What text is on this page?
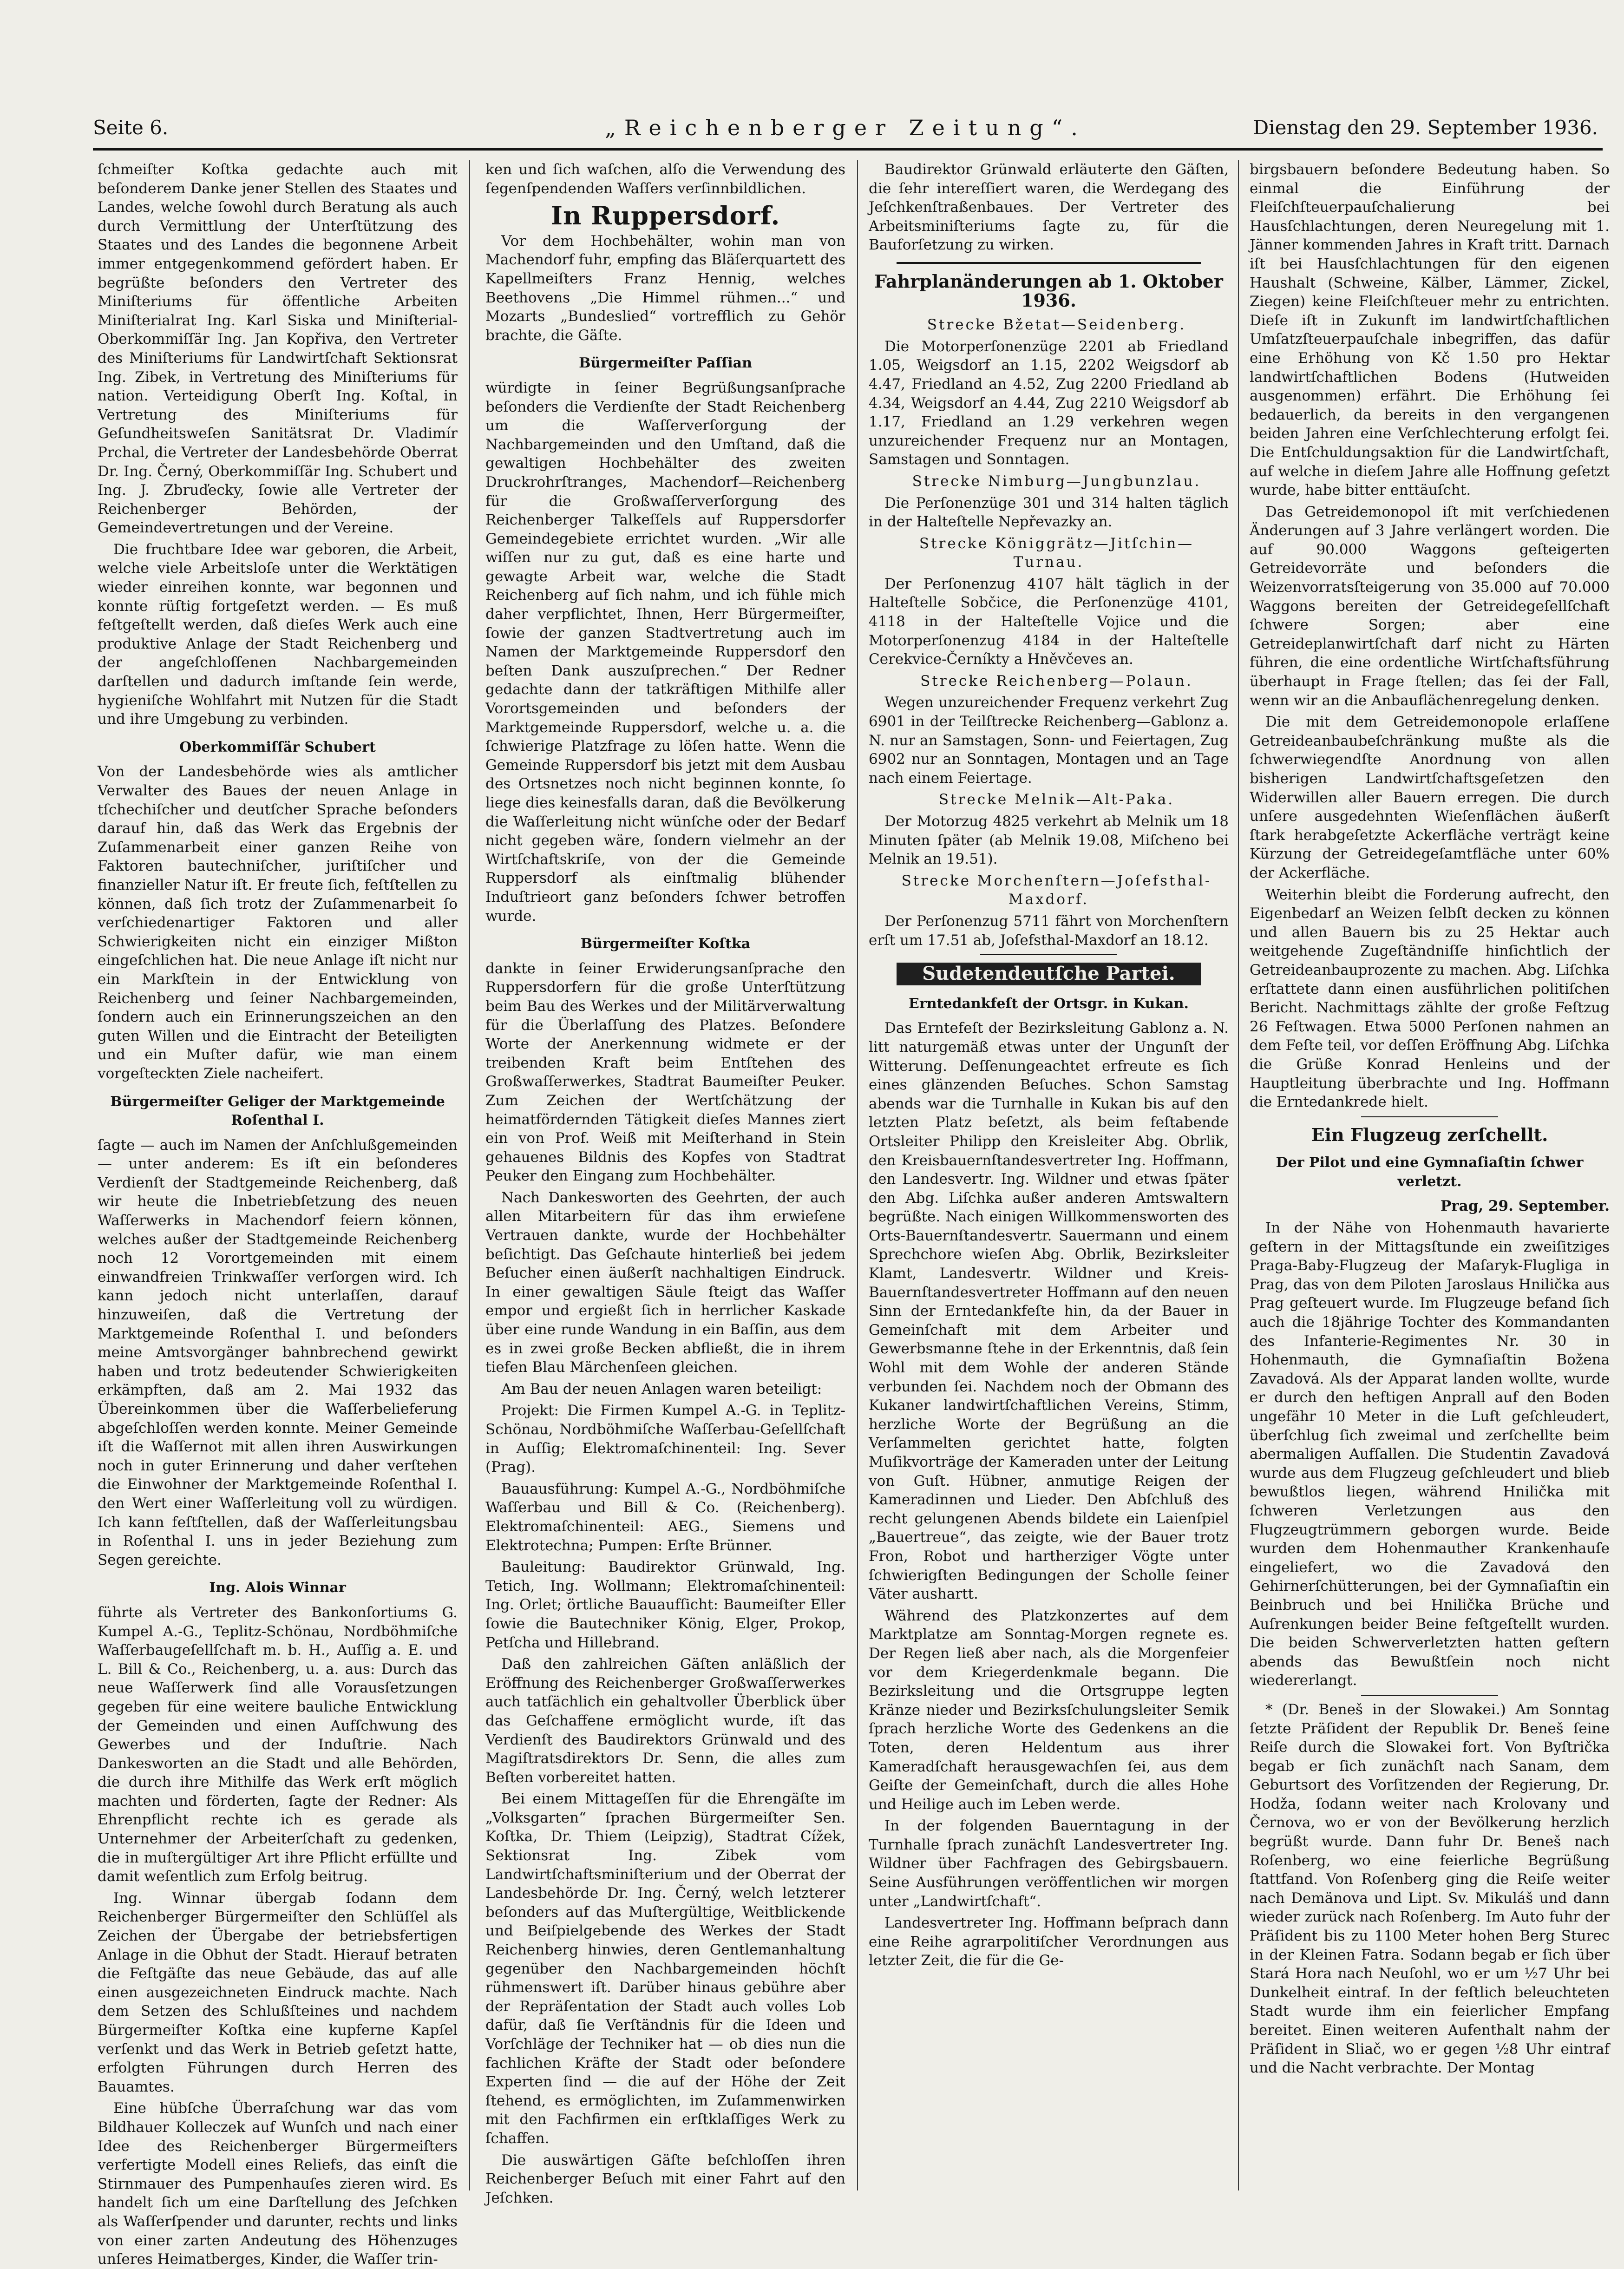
Seite 6.	„Reichenberger Zeitung“.	Dienstag den 29. September 1936.

ſchmeiſter Koſtka gedachte auch mit beſonderem Danke jener Stellen des Staates und Landes, welche ſowohl durch Beratung als auch durch Vermittlung der Unterſtützung des Staates und des Landes die begonnene Arbeit immer entgegenkommend gefördert haben. Er begrüßte beſonders den Vertreter des Miniſteriums für öffentliche Arbeiten Miniſterialrat Ing. Karl Siska und Miniſterial-Oberkommiſſär Ing. Jan Kopřiva, den Vertreter des Miniſteriums für Landwirtſchaft Sektionsrat Ing. Zibek, in Vertretung des Miniſteriums für nation. Verteidigung Oberſt Ing. Koſtal, in Vertretung des Miniſteriums für Geſundheitsweſen Sanitätsrat Dr. Vladimír Prchal, die Vertreter der Landesbehörde Oberrat Dr. Ing. Černý, Oberkommiſſär Ing. Schubert und Ing. J. Zbruďecky, ſowie alle Vertreter der Reichenberger Behörden, der Gemeindevertretungen und der Vereine.

Die fruchtbare Idee war geboren, die Arbeit, welche viele Arbeitsloſe unter die Werktätigen wieder einreihen konnte, war begonnen und konnte rüſtig fortgeſetzt werden. — Es muß feſtgeſtellt werden, daß dieſes Werk auch eine produktive Anlage der Stadt Reichenberg und der angeſchloſſenen Nachbargemeinden darſtellen und dadurch imſtande ſein werde, hygieniſche Wohlfahrt mit Nutzen für die Stadt und ihre Umgebung zu verbinden.

Oberkommiſſär Schubert

Von der Landesbehörde wies als amtlicher Verwalter des Baues der neuen Anlage in tſchechiſcher und deutſcher Sprache beſonders darauf hin, daß das Werk das Ergebnis der Zuſammenarbeit einer ganzen Reihe von Faktoren bautechniſcher, juriſtiſcher und finanzieller Natur iſt. Er freute ſich, feſtſtellen zu können, daß ſich trotz der Zuſammenarbeit ſo verſchiedenartiger Faktoren und aller Schwierigkeiten nicht ein einziger Mißton eingeſchlichen hat. Die neue Anlage iſt nicht nur ein Markſtein in der Entwicklung von Reichenberg und ſeiner Nachbargemeinden, ſondern auch ein Erinnerungszeichen an den guten Willen und die Eintracht der Beteiligten und ein Muſter dafür, wie man einem vorgeſteckten Ziele nacheifert.

Bürgermeiſter Geliger der Marktgemeinde Roſenthal I.

ſagte — auch im Namen der Anſchlußgemeinden — unter anderem: Es iſt ein beſonderes Verdienſt der Stadtgemeinde Reichenberg, daß wir heute die Inbetriebſetzung des neuen Waſſerwerks in Machendorf feiern können, welches außer der Stadtgemeinde Reichenberg noch 12 Vorortgemeinden mit einem einwandfreien Trinkwaſſer verſorgen wird. Ich kann jedoch nicht unterlaſſen, darauf hinzuweiſen, daß die Vertretung der Marktgemeinde Roſenthal I. und beſonders meine Amtsvorgänger bahnbrechend gewirkt haben und trotz bedeutender Schwierigkeiten erkämpften, daß am 2. Mai 1932 das Übereinkommen über die Waſſerbelieferung abgeſchloſſen werden konnte. Meiner Gemeinde iſt die Waſſernot mit allen ihren Auswirkungen noch in guter Erinnerung und daher verſtehen die Einwohner der Marktgemeinde Roſenthal I. den Wert einer Waſſerleitung voll zu würdigen. Ich kann feſtſtellen, daß der Waſſerleitungsbau in Roſenthal I. uns in jeder Beziehung zum Segen gereichte.

Ing. Alois Winnar

führte als Vertreter des Bankonſortiums G. Kumpel A.-G., Teplitz-Schönau, Nordböhmiſche Waſſerbaugeſellſchaft m. b. H., Auſſig a. E. und L. Bill & Co., Reichenberg, u. a. aus: Durch das neue Waſſerwerk ſind alle Vorausſetzungen gegeben für eine weitere bauliche Entwicklung der Gemeinden und einen Aufſchwung des Gewerbes und der Induſtrie. Nach Dankesworten an die Stadt und alle Behörden, die durch ihre Mithilfe das Werk erſt möglich machten und förderten, ſagte der Redner: Als Ehrenpflicht rechte ich es gerade als Unternehmer der Arbeiterſchaft zu gedenken, die in muſtergültiger Art ihre Pflicht erfüllte und damit weſentlich zum Erfolg beitrug.

Ing. Winnar übergab ſodann dem Reichenberger Bürgermeiſter den Schlüſſel als Zeichen der Übergabe der betriebsfertigen Anlage in die Obhut der Stadt. Hierauf betraten die Feſtgäſte das neue Gebäude, das auf alle einen ausgezeichneten Eindruck machte. Nach dem Setzen des Schlußſteines und nachdem Bürgermeiſter Koſtka eine kupferne Kapſel verſenkt und das Werk in Betrieb geſetzt hatte, erfolgten Führungen durch Herren des Bauamtes.

Eine hübſche Überraſchung war das vom Bildhauer Kolleczek auf Wunſch und nach einer Idee des Reichenberger Bürgermeiſters verfertigte Modell eines Reliefs, das einſt die Stirnmauer des Pumpenhauſes zieren wird. Es handelt ſich um eine Darſtellung des Jeſchken als Waſſerſpender und darunter, rechts und links von einer zarten Andeutung des Höhenzuges unſeres Heimatberges, Kinder, die Waſſer trin-

ken und ſich waſchen, alſo die Verwendung des ſegenſpendenden Waſſers verſinnbildlichen.

In Ruppersdorf.

Vor dem Hochbehälter, wohin man von Machendorf fuhr, empfing das Bläſerquartett des Kapellmeiſters Franz Hennig, welches Beethovens „Die Himmel rühmen...“ und Mozarts „Bundeslied“ vortrefflich zu Gehör brachte, die Gäſte.

Bürgermeiſter Paſſian

würdigte in ſeiner Begrüßungsanſprache beſonders die Verdienſte der Stadt Reichenberg um die Waſſerverſorgung der Nachbargemeinden und den Umſtand, daß die gewaltigen Hochbehälter des zweiten Druckrohrſtranges, Machendorf—Reichenberg für die Großwaſſerverſorgung des Reichenberger Talkeſſels auf Ruppersdorfer Gemeindegebiete errichtet wurden. „Wir alle wiſſen nur zu gut, daß es eine harte und gewagte Arbeit war, welche die Stadt Reichenberg auf ſich nahm, und ich fühle mich daher verpflichtet, Ihnen, Herr Bürgermeiſter, ſowie der ganzen Stadtvertretung auch im Namen der Marktgemeinde Ruppersdorf den beſten Dank auszuſprechen.“ Der Redner gedachte dann der tatkräftigen Mithilfe aller Vorortsgemeinden und beſonders der Marktgemeinde Ruppersdorf, welche u. a. die ſchwierige Platzfrage zu löſen hatte. Wenn die Gemeinde Ruppersdorf bis jetzt mit dem Ausbau des Ortsnetzes noch nicht beginnen konnte, ſo liege dies keinesfalls daran, daß die Bevölkerung die Waſſerleitung nicht wünſche oder der Bedarf nicht gegeben wäre, ſondern vielmehr an der Wirtſchaftskriſe, von der die Gemeinde Ruppersdorf als einſtmalig blühender Induſtrieort ganz beſonders ſchwer betroffen wurde.

Bürgermeiſter Koſtka

dankte in ſeiner Erwiderungsanſprache den Ruppersdorfern für die große Unterſtützung beim Bau des Werkes und der Militärverwaltung für die Überlaſſung des Platzes. Beſondere Worte der Anerkennung widmete er der treibenden Kraft beim Entſtehen des Großwaſſerwerkes, Stadtrat Baumeiſter Peuker. Zum Zeichen der Wertſchätzung der heimatfördernden Tätigkeit dieſes Mannes ziert ein von Prof. Weiß mit Meiſterhand in Stein gehauenes Bildnis des Kopfes von Stadtrat Peuker den Eingang zum Hochbehälter.

Nach Dankesworten des Geehrten, der auch allen Mitarbeitern für das ihm erwieſene Vertrauen dankte, wurde der Hochbehälter beſichtigt. Das Geſchaute hinterließ bei jedem Beſucher einen äußerſt nachhaltigen Eindruck. In einer gewaltigen Säule ſteigt das Waſſer empor und ergießt ſich in herrlicher Kaskade über eine runde Wandung in ein Baſſin, aus dem es in zwei große Becken abfließt, die in ihrem tiefen Blau Märchenſeen gleichen.

Am Bau der neuen Anlagen waren beteiligt:

Projekt: Die Firmen Kumpel A.-G. in Teplitz-Schönau, Nordböhmiſche Waſſerbau-Geſellſchaft in Auſſig; Elektromaſchinenteil: Ing. Sever (Prag).

Bauausführung: Kumpel A.-G., Nordböhmiſche Waſſerbau und Bill & Co. (Reichenberg). Elektromaſchinenteil: AEG., Siemens und Elektrotechna; Pumpen: Erſte Brünner.

Bauleitung: Baudirektor Grünwald, Ing. Tetich, Ing. Wollmann; Elektromaſchinenteil: Ing. Orlet; örtliche Bauaufſicht: Baumeiſter Eller ſowie die Bautechniker König, Elger, Prokop, Petſcha und Hillebrand.

Daß den zahlreichen Gäſten anläßlich der Eröffnung des Reichenberger Großwaſſerwerkes auch tatſächlich ein gehaltvoller Überblick über das Geſchaffene ermöglicht wurde, iſt das Verdienſt des Baudirektors Grünwald und des Magiſtratsdirektors Dr. Senn, die alles zum Beſten vorbereitet hatten.

Bei einem Mittageſſen für die Ehrengäſte im „Volksgarten“ ſprachen Bürgermeiſter Sen. Koſtka, Dr. Thiem (Leipzig), Stadtrat Cížek, Sektionsrat Ing. Zibek vom Landwirtſchaftsminiſterium und der Oberrat der Landesbehörde Dr. Ing. Černý, welch letzterer beſonders auf das Muſtergültige, Weitblickende und Beiſpielgebende des Werkes der Stadt Reichenberg hinwies, deren Gentlemanhaltung gegenüber den Nachbargemeinden höchſt rühmenswert iſt. Darüber hinaus gebühre aber der Repräſentation der Stadt auch volles Lob dafür, daß ſie Verſtändnis für die Ideen und Vorſchläge der Techniker hat — ob dies nun die fachlichen Kräfte der Stadt oder beſondere Experten ſind — die auf der Höhe der Zeit ſtehend, es ermöglichten, im Zuſammenwirken mit den Fachfirmen ein erſtklaſſiges Werk zu ſchaffen.

Die auswärtigen Gäſte beſchloſſen ihren Reichenberger Beſuch mit einer Fahrt auf den Jeſchken.

Baudirektor Grünwald erläuterte den Gäſten, die ſehr intereſſiert waren, die Werdegang des Jeſchkenſtraßenbaues. Der Vertreter des Arbeitsminiſteriums ſagte zu, für die Bauforſetzung zu wirken.

Fahrplanänderungen ab 1. Oktober 1936.

Strecke Bžetat—Seidenberg.

Die Motorperſonenzüge 2201 ab Friedland 1.05, Weigsdorf an 1.15, 2202 Weigsdorf ab 4.47, Friedland an 4.52, Zug 2200 Friedland ab 4.34, Weigsdorf an 4.44, Zug 2210 Weigsdorf ab 1.17, Friedland an 1.29 verkehren wegen unzureichender Frequenz nur an Montagen, Samstagen und Sonntagen.

Strecke Nimburg—Jungbunzlau.

Die Perſonenzüge 301 und 314 halten täglich in der Halteſtelle Nepřevazky an.

Strecke Königgrätz—Jitſchin—Turnau.

Der Perſonenzug 4107 hält täglich in der Halteſtelle Sobčice, die Perſonenzüge 4101, 4118 in der Halteſtelle Vojice und die Motorperſonenzug 4184 in der Halteſtelle Cerekvice-Černíkty a Hněvčeves an.

Strecke Reichenberg—Polaun.

Wegen unzureichender Frequenz verkehrt Zug 6901 in der Teilſtrecke Reichenberg—Gablonz a. N. nur an Samstagen, Sonn- und Feiertagen, Zug 6902 nur an Sonntagen, Montagen und an Tage nach einem Feiertage.

Strecke Melnik—Alt-Paka.

Der Motorzug 4825 verkehrt ab Melnik um 18 Minuten ſpäter (ab Melnik 19.08, Miſcheno bei Melnik an 19.51).

Strecke Morchenſtern—Joſefsthal-Maxdorf.

Der Perſonenzug 5711 fährt von Morchenſtern erſt um 17.51 ab, Joſefsthal-Maxdorf an 18.12.

Sudetendeutſche Partei.
Erntedankfeſt der Ortsgr. in Kukan.

Das Erntefeſt der Bezirksleitung Gablonz a. N. litt naturgemäß etwas unter der Ungunſt der Witterung. Deſſenungeachtet erfreute es ſich eines glänzenden Beſuches. Schon Samstag abends war die Turnhalle in Kukan bis auf den letzten Platz beſetzt, als beim feſtabende Ortsleiter Philipp den Kreisleiter Abg. Obrlik, den Kreisbauernſtandesvertreter Ing. Hoffmann, den Landesvertr. Ing. Wildner und etwas ſpäter den Abg. Liſchka außer anderen Amtswaltern begrüßte. Nach einigen Willkommensworten des Orts-Bauernſtandesvertr. Sauermann und einem Sprechchore wieſen Abg. Obrlik, Bezirksleiter Klamt, Landesvertr. Wildner und Kreis-Bauernſtandesvertreter Hoffmann auf den neuen Sinn der Erntedankfeſte hin, da der Bauer in Gemeinſchaft mit dem Arbeiter und Gewerbsmanne ſtehe in der Erkenntnis, daß ſein Wohl mit dem Wohle der anderen Stände verbunden ſei. Nachdem noch der Obmann des Kukaner landwirtſchaftlichen Vereins, Stimm, herzliche Worte der Begrüßung an die Verſammelten gerichtet hatte, folgten Muſikvorträge der Kameraden unter der Leitung von Guſt. Hübner, anmutige Reigen der Kameradinnen und Lieder. Den Abſchluß des recht gelungenen Abends bildete ein Laienſpiel „Bauertreue“, das zeigte, wie der Bauer trotz Fron, Robot und hartherziger Vögte unter ſchwierigſten Bedingungen der Scholle ſeiner Väter aushartt.

Während des Platzkonzertes auf dem Marktplatze am Sonntag-Morgen regnete es. Der Regen ließ aber nach, als die Morgenfeier vor dem Kriegerdenkmale begann. Die Bezirksleitung und die Ortsgruppe legten Kränze nieder und Bezirksſchulungsleiter Semik ſprach herzliche Worte des Gedenkens an die Toten, deren Heldentum aus ihrer Kameradſchaft herausgewachſen ſei, aus dem Geiſte der Gemeinſchaft, durch die alles Hohe und Heilige auch im Leben werde.

In der folgenden Bauerntagung in der Turnhalle ſprach zunächſt Landesvertreter Ing. Wildner über Fachfragen des Gebirgsbauern. Seine Ausführungen veröffentlichen wir morgen unter „Landwirtſchaft“.

Landesvertreter Ing. Hoffmann beſprach dann eine Reihe agrarpolitiſcher Verordnungen aus letzter Zeit, die für die Ge-

birgsbauern beſondere Bedeutung haben. So einmal die Einführung der Fleiſchſteuerpauſchalierung bei Hausſchlachtungen, deren Neuregelung mit 1. Jänner kommenden Jahres in Kraft tritt. Darnach iſt bei Hausſchlachtungen für den eigenen Haushalt (Schweine, Kälber, Lämmer, Zickel, Ziegen) keine Fleiſchſteuer mehr zu entrichten. Dieſe iſt in Zukunft im landwirtſchaftlichen Umſatzſteuerpauſchale inbegriffen, das dafür eine Erhöhung von Kč 1.50 pro Hektar landwirtſchaftlichen Bodens (Hutweiden ausgenommen) erfährt. Die Erhöhung ſei bedauerlich, da bereits in den vergangenen beiden Jahren eine Verſchlechterung erfolgt ſei. Die Entſchuldungsaktion für die Landwirtſchaft, auf welche in dieſem Jahre alle Hoffnung geſetzt wurde, habe bitter enttäuſcht.

Das Getreidemonopol iſt mit verſchiedenen Änderungen auf 3 Jahre verlängert worden. Die auf 90.000 Waggons geſteigerten Getreidevorräte und beſonders die Weizenvorratsſteigerung von 35.000 auf 70.000 Waggons bereiten der Getreidegeſellſchaft ſchwere Sorgen; aber eine Getreideplanwirtſchaft darf nicht zu Härten führen, die eine ordentliche Wirtſchaftsführung überhaupt in Frage ſtellen; das ſei der Fall, wenn wir an die Anbauflächenregelung denken.

Die mit dem Getreidemonopole erlaſſene Getreideanbaubeſchränkung mußte als die ſchwerwiegendſte Anordnung von allen bisherigen Landwirtſchaftsgeſetzen den Widerwillen aller Bauern erregen. Die durch unſere ausgedehnten Wieſenflächen äußerſt ſtark herabgeſetzte Ackerfläche verträgt keine Kürzung der Getreidegeſamtfläche unter 60% der Ackerfläche.

Weiterhin bleibt die Forderung aufrecht, den Eigenbedarf an Weizen ſelbſt decken zu können und allen Bauern bis zu 25 Hektar auch weitgehende Zugeſtändniſſe hinſichtlich der Getreideanbauprozente zu machen. Abg. Liſchka erſtattete dann einen ausführlichen politiſchen Bericht. Nachmittags zählte der große Feſtzug 26 Feſtwagen. Etwa 5000 Perſonen nahmen an dem Feſte teil, vor deſſen Eröffnung Abg. Liſchka die Grüße Konrad Henleins und der Hauptleitung überbrachte und Ing. Hoffmann die Erntedankrede hielt.

Ein Flugzeug zerſchellt.
Der Pilot und eine Gymnaſiaſtin ſchwer verletzt.

Prag, 29. September.

In der Nähe von Hohenmauth havarierte geſtern in der Mittagsſtunde ein zweiſitziges Praga-Baby-Flugzeug der Maſaryk-Flugliga in Prag, das von dem Piloten Jaroslaus Hnilička aus Prag geſteuert wurde. Im Flugzeuge befand ſich auch die 18jährige Tochter des Kommandanten des Infanterie-Regimentes Nr. 30 in Hohenmauth, die Gymnaſiaſtin Božena Zavadová. Als der Apparat landen wollte, wurde er durch den heftigen Anprall auf den Boden ungefähr 10 Meter in die Luft geſchleudert, überſchlug ſich zweimal und zerſchellte beim abermaligen Aufſallen. Die Studentin Zavadová wurde aus dem Flugzeug geſchleudert und blieb bewußtlos liegen, während Hnilička mit ſchweren Verletzungen aus den Flugzeugtrümmern geborgen wurde. Beide wurden dem Hohenmauther Krankenhauſe eingeliefert, wo die Zavadová den Gehirnerſchütterungen, bei der Gymnaſiaſtin ein Beinbruch und bei Hnilička Brüche und Auſrenkungen beider Beine feſtgeſtellt wurden. Die beiden Schwerverletzten hatten geſtern abends das Bewußtſein noch nicht wiedererlangt.

* (Dr. Beneš in der Slowakei.) Am Sonntag ſetzte Präſident der Republik Dr. Beneš ſeine Reiſe durch die Slowakei fort. Von Byſtrička begab er ſich zunächſt nach Sanam, dem Geburtsort des Vorſitzenden der Regierung, Dr. Hodža, ſodann weiter nach Krolovany und Černova, wo er von der Bevölkerung herzlich begrüßt wurde. Dann fuhr Dr. Beneš nach Roſenberg, wo eine feierliche Begrüßung ſtattfand. Von Roſenberg ging die Reiſe weiter nach Demänova und Lipt. Sv. Mikuláš und dann wieder zurück nach Roſenberg. Im Auto fuhr der Präſident bis zu 1100 Meter hohen Berg Sturec in der Kleinen Fatra. Sodann begab er ſich über Stará Hora nach Neuſohl, wo er um ½7 Uhr bei Dunkelheit eintraf. In der feſtlich beleuchteten Stadt wurde ihm ein feierlicher Empfang bereitet. Einen weiteren Aufenthalt nahm der Präſident in Sliač, wo er gegen ½8 Uhr eintraf und die Nacht verbrachte. Der Montag
